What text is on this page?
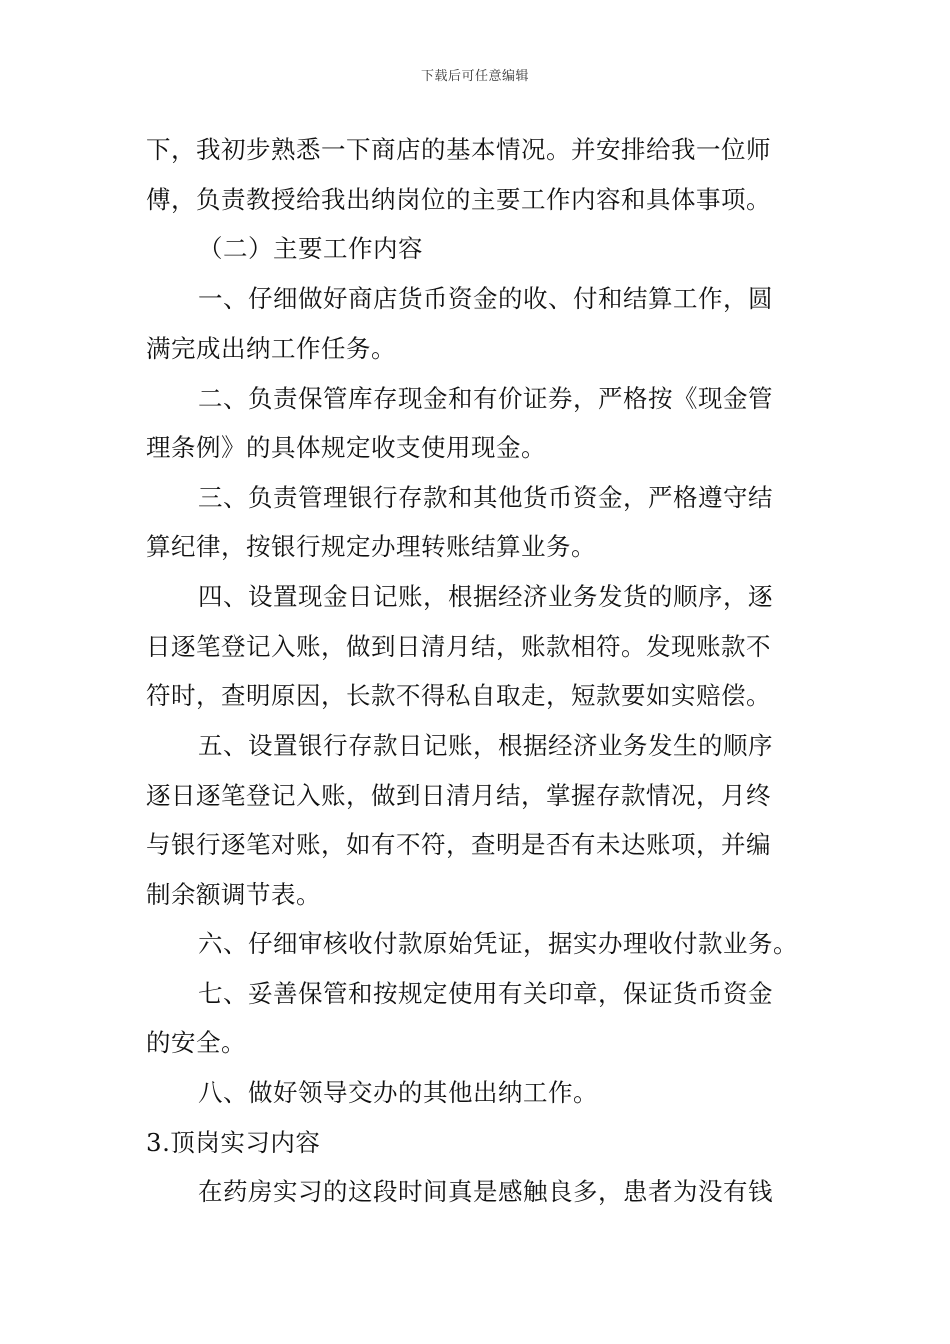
下载后可任意编辑
下，我初步熟悉一下商店的基本情况。并安排给我一位师
傅，负责教授给我出纳岗位的主要工作内容和具体事项。
（二）主要工作内容
一、仔细做好商店货币资金的收、付和结算工作，圆
满完成出纳工作任务。
二、负责保管库存现金和有价证券，严格按《现金管
理条例》的具体规定收支使用现金。
三、负责管理银行存款和其他货币资金，严格遵守结
算纪律，按银行规定办理转账结算业务。
四、设置现金日记账，根据经济业务发货的顺序，逐
日逐笔登记入账，做到日清月结，账款相符。发现账款不
符时，查明原因，长款不得私自取走，短款要如实赔偿。
五、设置银行存款日记账，根据经济业务发生的顺序
逐日逐笔登记入账，做到日清月结，掌握存款情况，月终
与银行逐笔对账，如有不符，查明是否有未达账项，并编
制余额调节表。
六、仔细审核收付款原始凭证，据实办理收付款业务。
七、妥善保管和按规定使用有关印章，保证货币资金
的安全。
八、做好领导交办的其他出纳工作。
3.顶岗实习内容
在药房实习的这段时间真是感触良多，患者为没有钱
